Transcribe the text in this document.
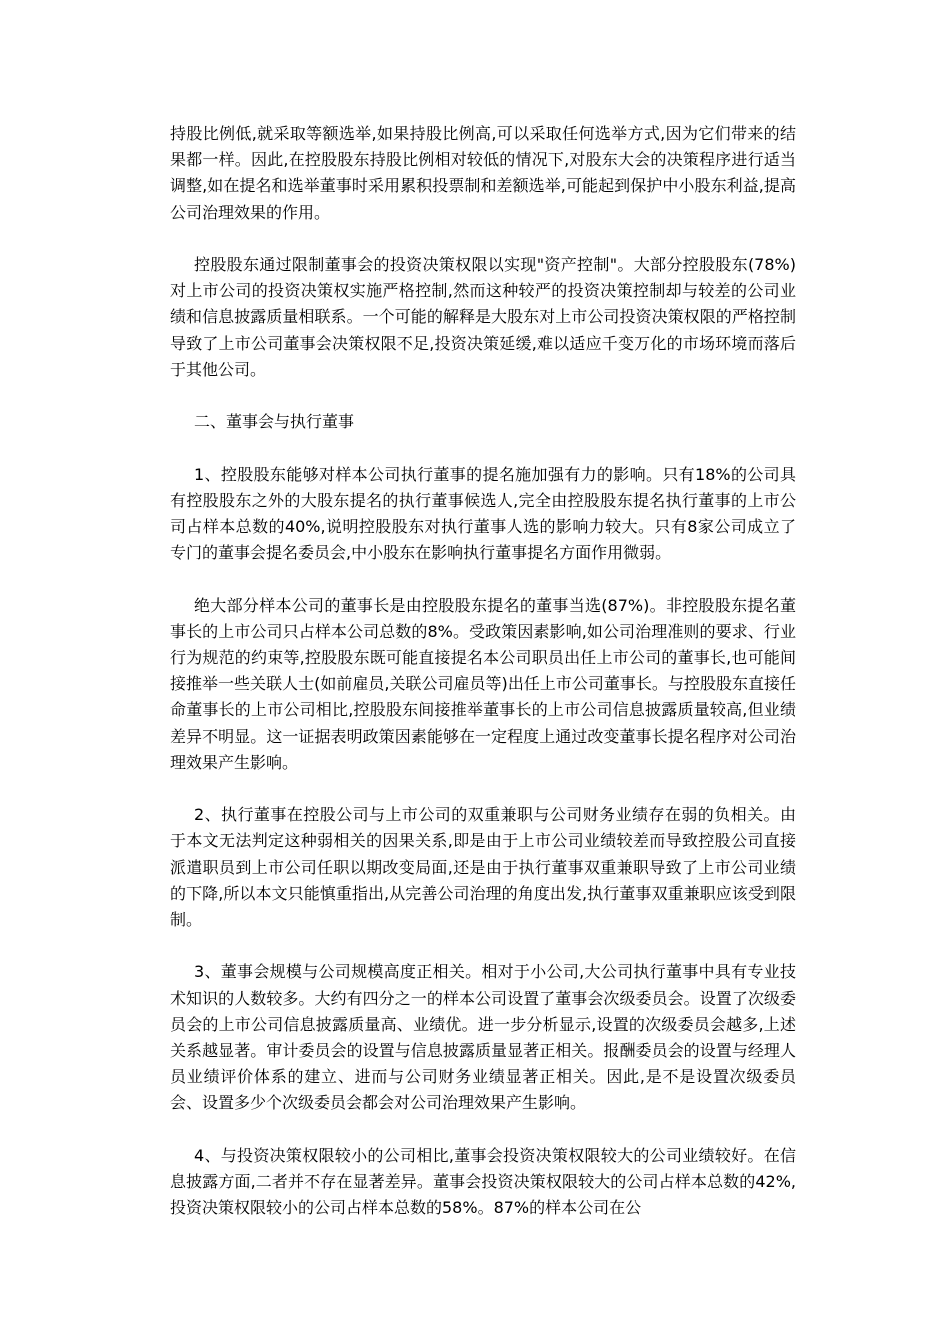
持股比例低,就采取等额选举,如果持股比例高,可以采取任何选举方式,因为它们带来的结果都一样。因此,在控股股东持股比例相对较低的情况下,对股东大会的决策程序进行适当调整,如在提名和选举董事时采用累积投票制和差额选举,可能起到保护中小股东利益,提高公司治理效果的作用。

控股股东通过限制董事会的投资决策权限以实现"资产控制"。大部分控股股东(78%)对上市公司的投资决策权实施严格控制,然而这种较严的投资决策控制却与较差的公司业绩和信息披露质量相联系。一个可能的解释是大股东对上市公司投资决策权限的严格控制导致了上市公司董事会决策权限不足,投资决策延缓,难以适应千变万化的市场环境而落后于其他公司。

二、董事会与执行董事

1、控股股东能够对样本公司执行董事的提名施加强有力的影响。只有18%的公司具有控股股东之外的大股东提名的执行董事候选人,完全由控股股东提名执行董事的上市公司占样本总数的40%,说明控股股东对执行董事人选的影响力较大。只有8家公司成立了专门的董事会提名委员会,中小股东在影响执行董事提名方面作用微弱。

绝大部分样本公司的董事长是由控股股东提名的董事当选(87%)。非控股股东提名董事长的上市公司只占样本公司总数的8%。受政策因素影响,如公司治理准则的要求、行业行为规范的约束等,控股股东既可能直接提名本公司职员出任上市公司的董事长,也可能间接推举一些关联人士(如前雇员,关联公司雇员等)出任上市公司董事长。与控股股东直接任命董事长的上市公司相比,控股股东间接推举董事长的上市公司信息披露质量较高,但业绩差异不明显。这一证据表明政策因素能够在一定程度上通过改变董事长提名程序对公司治理效果产生影响。

2、执行董事在控股公司与上市公司的双重兼职与公司财务业绩存在弱的负相关。由于本文无法判定这种弱相关的因果关系,即是由于上市公司业绩较差而导致控股公司直接派遣职员到上市公司任职以期改变局面,还是由于执行董事双重兼职导致了上市公司业绩的下降,所以本文只能慎重指出,从完善公司治理的角度出发,执行董事双重兼职应该受到限制。

3、董事会规模与公司规模高度正相关。相对于小公司,大公司执行董事中具有专业技术知识的人数较多。大约有四分之一的样本公司设置了董事会次级委员会。设置了次级委员会的上市公司信息披露质量高、业绩优。进一步分析显示,设置的次级委员会越多,上述关系越显著。审计委员会的设置与信息披露质量显著正相关。报酬委员会的设置与经理人员业绩评价体系的建立、进而与公司财务业绩显著正相关。因此,是不是设置次级委员会、设置多少个次级委员会都会对公司治理效果产生影响。

4、与投资决策权限较小的公司相比,董事会投资决策权限较大的公司业绩较好。在信息披露方面,二者并不存在显著差异。董事会投资决策权限较大的公司占样本总数的42%,投资决策权限较小的公司占样本总数的58%。87%的样本公司在公
